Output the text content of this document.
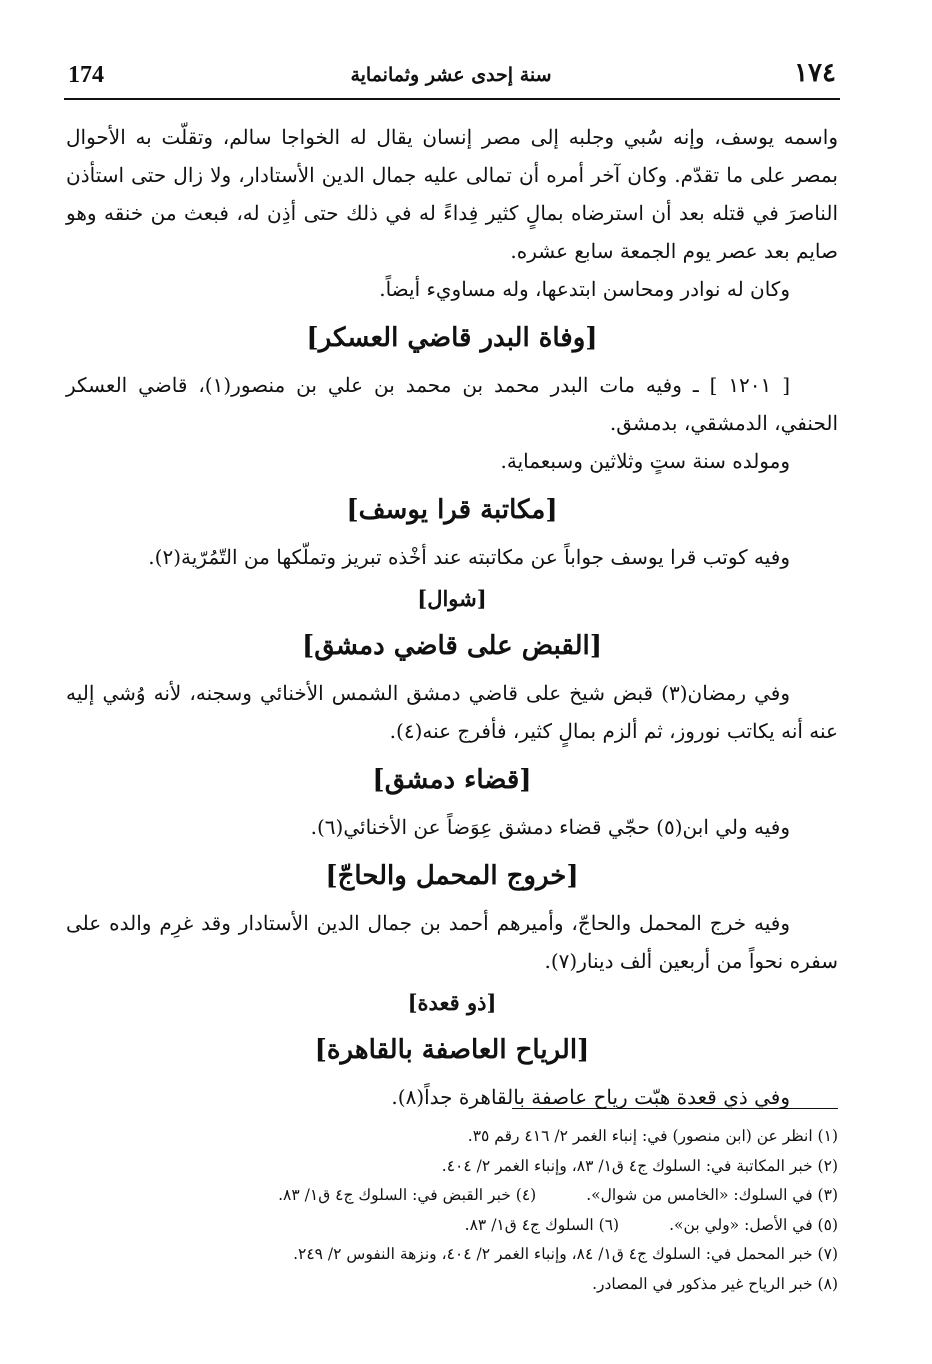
174	سنة إحدى عشر وثمانماية	١٧٤

واسمه يوسف، وإنه سُبي وجلبه إلى مصر إنسان يقال له الخواجا سالم، وتقلّت به الأحوال بمصر على ما تقدّم. وكان آخر أمره أن تمالى عليه جمال الدين الأستادار، ولا زال حتى استأذن الناصرَ في قتله بعد أن استرضاه بمالٍ كثير فِداءً له في ذلك حتى أذِن له، فبعث من خنقه وهو صايم بعد عصر يوم الجمعة سابع عشره.

وكان له نوادر ومحاسن ابتدعها، وله مساويء أيضاً.

[وفاة البدر قاضي العسكر]

[ ١٢٠١ ] ـ وفيه مات البدر محمد بن محمد بن علي بن منصور(١)، قاضي العسكر الحنفي، الدمشقي، بدمشق.

ومولده سنة ستٍ وثلاثين وسبعماية.

[مكاتبة قرا يوسف]

وفيه كوتب قرا يوسف جواباً عن مكاتبته عند أخْذه تبريز وتملّكها من التّمُرّية(٢).

[شوال]
[القبض على قاضي دمشق]

وفي رمضان(٣) قبض شيخ على قاضي دمشق الشمس الأخنائي وسجنه، لأنه وُشي إليه عنه أنه يكاتب نوروز، ثم ألزم بمالٍ كثير، فأفرج عنه(٤).

[قضاء دمشق]

وفيه ولي ابن(٥) حجّي قضاء دمشق عِوَضاً عن الأخنائي(٦).

[خروج المحمل والحاجّ]

وفيه خرج المحمل والحاجّ، وأميرهم أحمد بن جمال الدين الأستادار وقد غرِم والده على سفره نحواً من أربعين ألف دينار(٧).

[ذو قعدة]
[الرياح العاصفة بالقاهرة]

وفي ذي قعدة هبّت رياح عاصفة بالقاهرة جداً(٨).

(١) انظر عن (ابن منصور) في: إنباء الغمر ٢/ ٤١٦ رقم ٣٥.
(٢) خبر المكاتبة في: السلوك ج٤ ق١/ ٨٣، وإنباء الغمر ٢/ ٤٠٤.
(٣) في السلوك: «الخامس من شوال».
(٤) خبر القبض في: السلوك ج٤ ق١/ ٨٣.
(٥) في الأصل: «ولي بن».
(٦) السلوك ج٤ ق١/ ٨٣.
(٧) خبر المحمل في: السلوك ج٤ ق١/ ٨٤، وإنباء الغمر ٢/ ٤٠٤، ونزهة النفوس ٢/ ٢٤٩.
(٨) خبر الرياح غير مذكور في المصادر.
